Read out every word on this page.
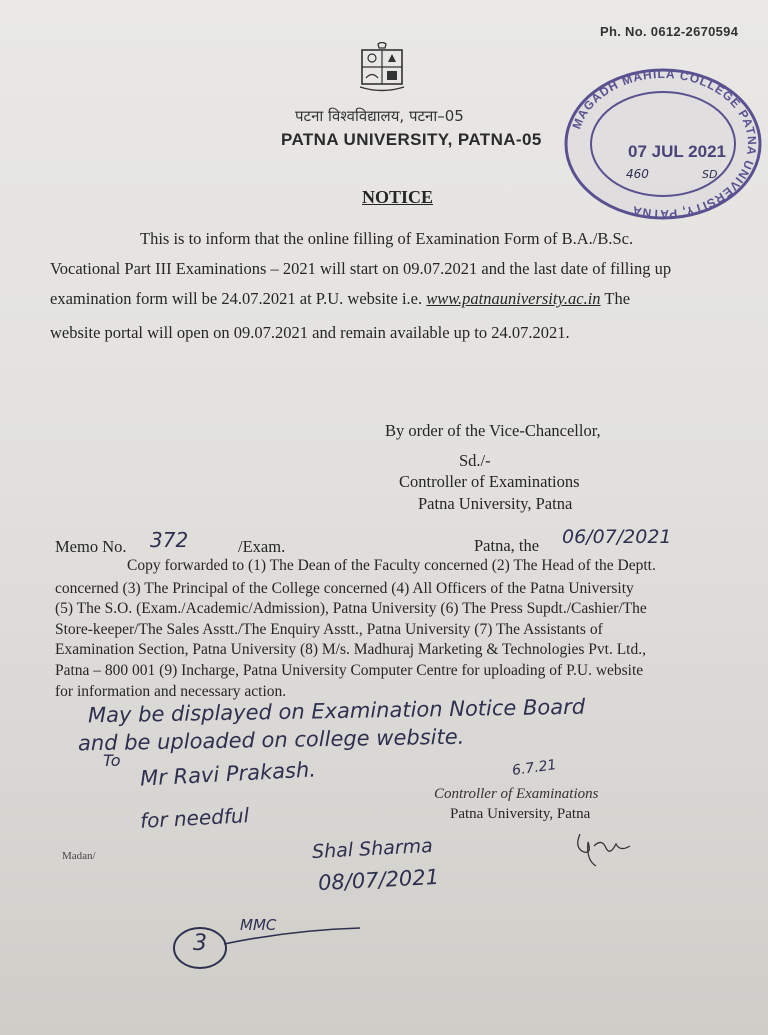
Ph. No. 0612-2670594
पटना विश्वविद्यालय, पटना–05
PATNA UNIVERSITY, PATNA-05
MAGADH MAHILA COLLEGE PATNA UNIVERSITY, PATNA
07 JUL 2021
460	SD
NOTICE
This is to inform that the online filling of Examination Form of B.A./B.Sc.
Vocational Part III Examinations – 2021 will start on 09.07.2021 and the last date of filling up
examination form will be 24.07.2021 at P.U. website i.e. www.patnauniversity.ac.in The
website portal will open on 09.07.2021 and remain available up to 24.07.2021.
By order of the Vice-Chancellor,
Sd./-
Controller of Examinations
Patna University, Patna
Memo No. 372	/Exam.	Patna, the 06/07/2021
Copy forwarded to (1) The Dean of the Faculty concerned (2) The Head of the Deptt.
concerned (3) The Principal of the College concerned (4) All Officers of the Patna University
(5) The S.O. (Exam./Academic/Admission), Patna University (6) The Press Supdt./Cashier/The
Store-keeper/The Sales Asstt./The Enquiry Asstt., Patna University (7) The Assistants of
Examination Section, Patna University (8) M/s. Madhuraj Marketing & Technologies Pvt. Ltd.,
Patna – 800 001 (9) Incharge, Patna University Computer Centre for uploading of P.U. website
for information and necessary action.
May be displayed on Examination Notice Board
and be uploaded on college website.
To Mr Ravi Prakash.
for needful
6.7.21
Controller of Examinations
Patna University, Patna
Madan/	Shal Sharma
08/07/2021
3
MMC
